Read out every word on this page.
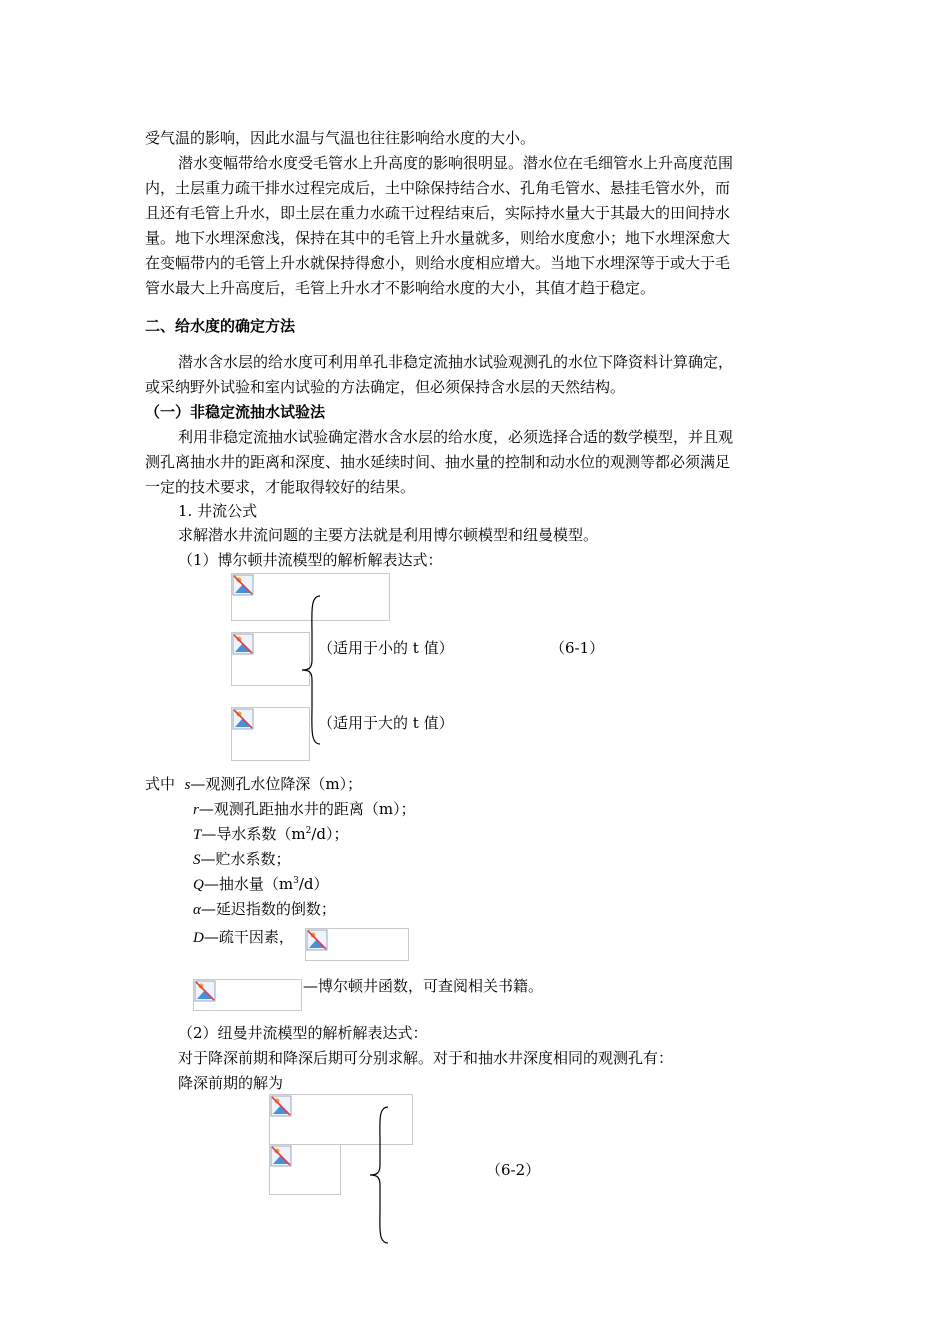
受气温的影响，因此水温与气温也往往影响给水度的大小。
潜水变幅带给水度受毛管水上升高度的影响很明显。潜水位在毛细管水上升高度范围
内，土层重力疏干排水过程完成后，土中除保持结合水、孔角毛管水、悬挂毛管水外，而
且还有毛管上升水，即土层在重力水疏干过程结束后，实际持水量大于其最大的田间持水
量。地下水埋深愈浅，保持在其中的毛管上升水量就多，则给水度愈小；地下水埋深愈大
在变幅带内的毛管上升水就保持得愈小，则给水度相应增大。当地下水埋深等于或大于毛
管水最大上升高度后，毛管上升水才不影响给水度的大小，其值才趋于稳定。
二、给水度的确定方法
潜水含水层的给水度可利用单孔非稳定流抽水试验观测孔的水位下降资料计算确定，
或采纳野外试验和室内试验的方法确定，但必须保持含水层的天然结构。
（一）非稳定流抽水试验法
利用非稳定流抽水试验确定潜水含水层的给水度，必须选择合适的数学模型，并且观
测孔离抽水井的距离和深度、抽水延续时间、抽水量的控制和动水位的观测等都必须满足
一定的技术要求，才能取得较好的结果。
1. 井流公式
求解潜水井流问题的主要方法就是利用博尔顿模型和纽曼模型。
（1）博尔顿井流模型的解析解表达式：
（适用于小的 t 值）
（适用于大的 t 值）
（6-1）
式中 s—观测孔水位降深（m）；
r—观测孔距抽水井的距离（m）；
T—导水系数$(m^2/d)$；
S—贮水系数；
Q—抽水量$(m^3/d)$
α—延迟指数的倒数；
D—疏干因素，
—博尔顿井函数，可查阅相关书籍。
（2）纽曼井流模型的解析解表达式：
对于降深前期和降深后期可分别求解。对于和抽水井深度相同的观测孔有：
降深前期的解为
（6-2）
